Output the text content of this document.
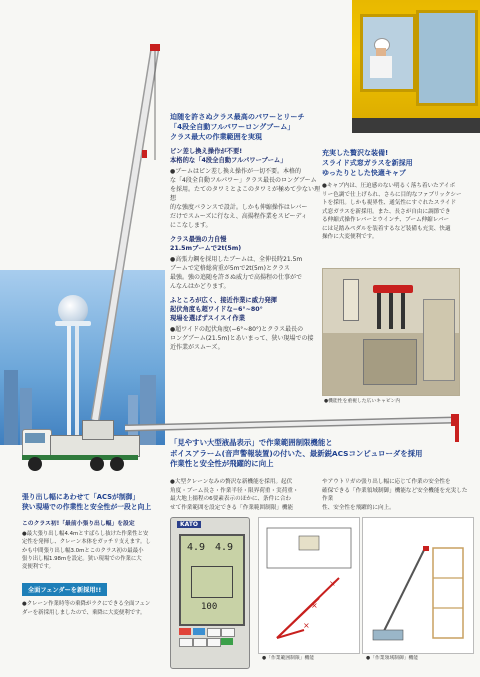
迫随を許さぬクラス最高のパワーとリーチ
「4段全自動フルパワーロングブーム」
クラス最大の作業範囲を実現
ピン差し換え操作が不要!
本格的な「4段全自動フルパワーブーム」
●ブームはピン差し換え操作が一切不要。本格的
な「4段全自動フルパワー」クラス最長のロングブーム
を採用。たてのタワミとよこのタワミが極めて少ない理想
的な強度バランスで設計。しかも伸縮操作はレバー
だけでスムーズに行なえ、高揚程作業をスピーディ
にこなします。
クラス最強の力自慢
21.5mブームで2t(5m)
●高張力鋼を採用したブームは、全伸長時21.5m
ブームで定格総荷重が5mで2t(5m)とクラス
最強。強の追随を許さぬ威力で高揚程の仕事がで
んなんはかどります。
ふところが広く、接近作業に威力発揮
起伏角度も超ワイドな−6°~80°
現場を選ばずスイスイ作業
●超ワイドの起伏角度(−6°~80°)とクラス最長の
ロングブーム(21.5m)とあいまって、狭い現場での接
近作業がスムーズ。
充実した贅沢な装備!
スライド式窓ガラスを新採用
ゆったりとした快適キャブ
●キャブ内は、圧迫感のない明るく落ち着いたアイボ
リー色調で仕上げられ、さらに目的なファブリックシー
トを採用。しかも視界性、通気性にすぐれたスライド
式窓ガラスを新採用。また、長さが自由に調節でき
る伸縮式操作レバーとウインチ、ブーム伸縮レバー
には足踏みペダルを装着するなど装備も充実、快適
操作に大変便利です。
●機能性を重視した広いキャビン内
「見やすい大型液晶表示」で作業範囲制限機能と
ボイスアラーム(音声警報装置)の付いた、最新鋭ACSコンピュローダを採用
作業性と安全性が飛躍的に向上
●大型クレーンなみの贅沢な新機能を採用。起伏
角度・ブーム長さ・作業半径・限界荷重・実荷重・
最大地上揚程の6要素表示のほかに、条件に合わ
せて作業範囲を設定できる「作業範囲制限」機能
やアウトリガの張り出し幅に応じて作業の安全性を
確保できる「作業領域制御」機能など安全機能を充実した作業
性、安全性を飛躍的に向上。
KATO
4.9 4.9
100
×
×
×
●「作業範囲制限」機能	●「作業領域制御」機能
張り出し幅にあわせて「ACSが制御」
狭い現場での作業性と安全性が一段と向上
このクラス初!「最前小張り出し幅」を設定
●最大張り出し幅4.4mとすばらし抜けた作業性と安
定性を発揮し、クレーン本体をガッチリ支えます。し
かも中間張り出し幅3.0mとこのクラス初の最最小
張り出し幅1.98mを設定。狭い現場での作業に大
変便利です。
全面フェンダーを新採用!!
●クレーン作業時等の乗降がラクにできる全面フェン
ダーを新採用しましたので、乗降に大変便利です。
